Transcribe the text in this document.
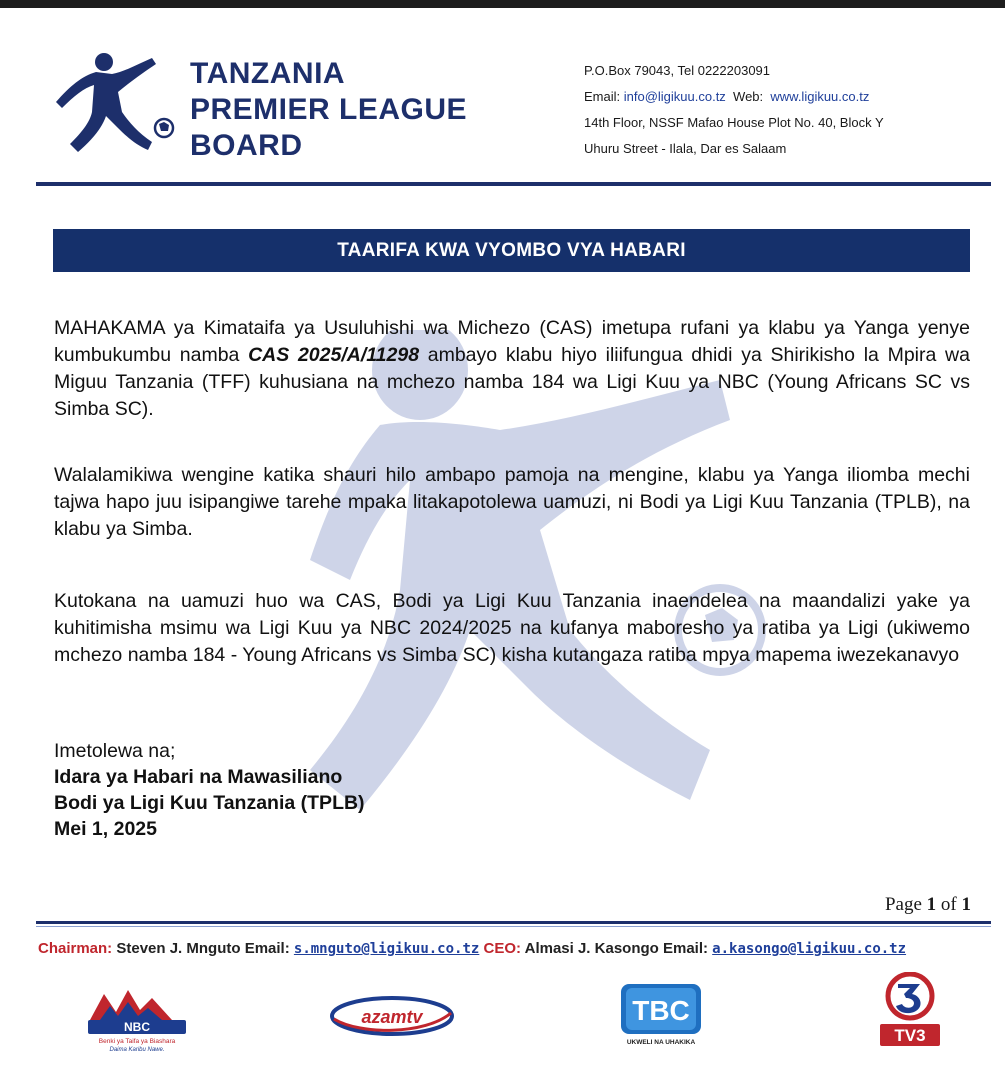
TANZANIA
PREMIER LEAGUE
BOARD
P.O.Box 79043, Tel 0222203091
Email: info@ligikuu.co.tz  Web:  www.ligikuu.co.tz
14th Floor, NSSF Mafao House Plot No. 40, Block Y
Uhuru Street - Ilala, Dar es Salaam
TAARIFA KWA VYOMBO VYA HABARI
MAHAKAMA ya Kimataifa ya Usuluhishi wa Michezo (CAS) imetupa rufani ya klabu ya Yanga yenye kumbukumbu namba CAS 2025/A/11298 ambayo klabu hiyo iliifungua dhidi ya Shirikisho la Mpira wa Miguu Tanzania (TFF) kuhusiana na mchezo namba 184 wa Ligi Kuu ya NBC (Young Africans SC vs Simba SC).
Walalamikiwa wengine katika shauri hilo ambapo pamoja na mengine, klabu ya Yanga iliomba mechi tajwa hapo juu isipangiwe tarehe mpaka litakapotolewa uamuzi, ni Bodi ya Ligi Kuu Tanzania (TPLB), na klabu ya Simba.
Kutokana na uamuzi huo wa CAS, Bodi ya Ligi Kuu Tanzania inaendelea na maandalizi yake ya kuhitimisha msimu wa Ligi Kuu ya NBC 2024/2025 na kufanya maboresho ya ratiba ya Ligi (ukiwemo mchezo namba 184 - Young Africans vs Simba SC) kisha kutangaza ratiba mpya mapema iwezekanavyo
Imetolewa na;
Idara ya Habari na Mawasiliano
Bodi ya Ligi Kuu Tanzania (TPLB)
Mei 1, 2025
Page 1 of 1
Chairman: Steven J. Mnguto Email: s.mnguto@ligikuu.co.tz CEO: Almasi J. Kasongo Email: a.kasongo@ligikuu.co.tz
NBC
Benki ya Taifa ya Biashara
Daima Karibu Nawe.
azamtv	TBC
UKWELI NA UHAKIKA	TV3
